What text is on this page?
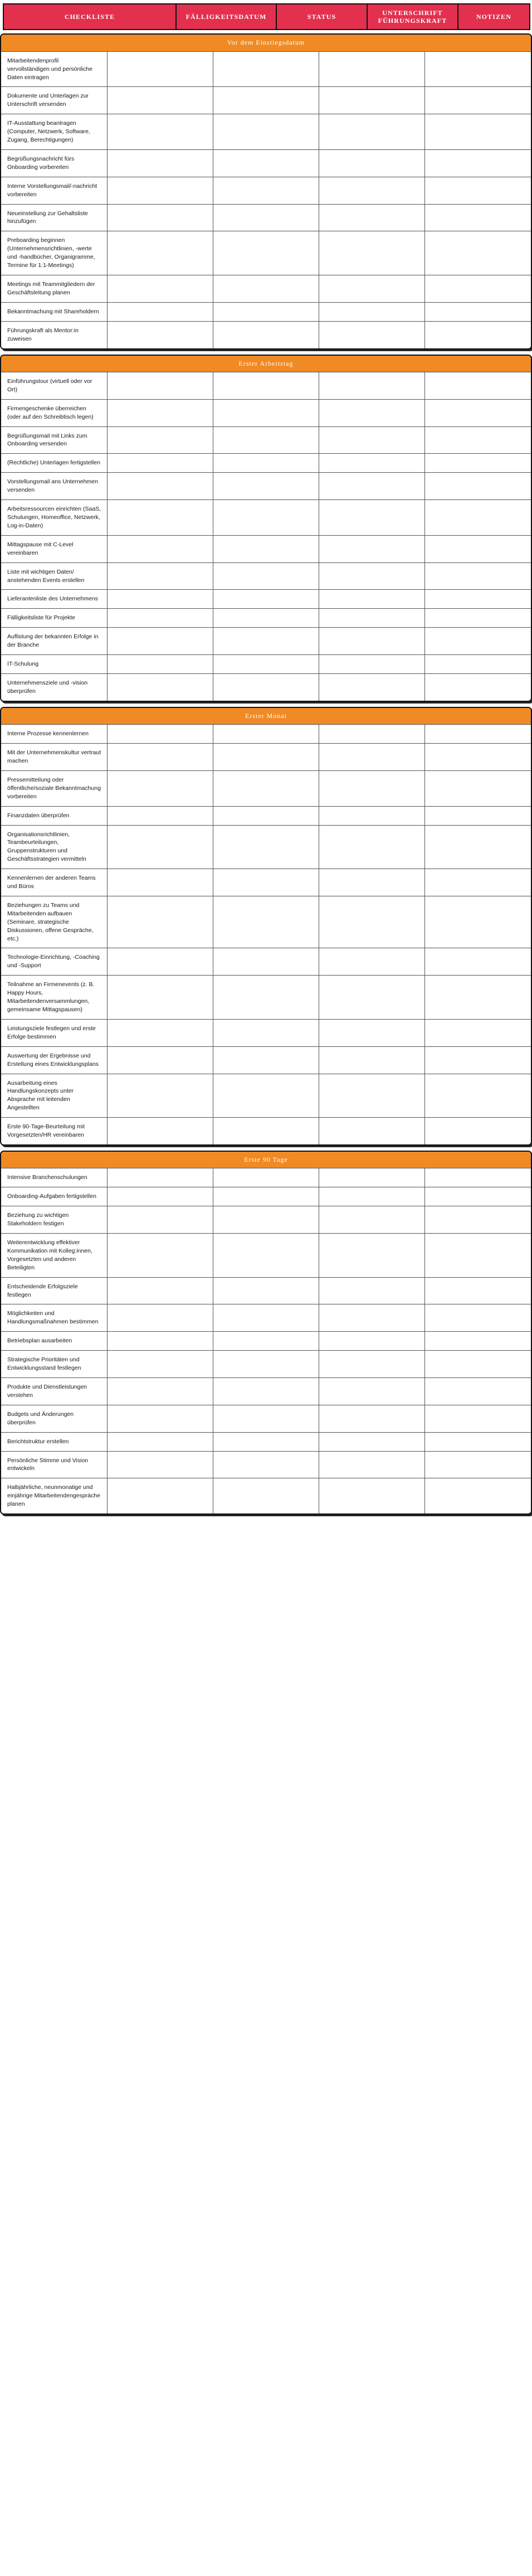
CHECKLISTE	FÄLLIGKEITSDATUM	STATUS	UNTERSCHRIFT FÜHRUNGSKRAFT	NOTIZEN
Vor dem Einstiegsdatum
Mitarbeitendenprofil vervollständigen und persönliche Daten eintragen				
Dokumente und Unterlagen zur Unterschrift versenden				
IT-Ausstattung beantragen (Computer, Netzwerk, Software, Zugang, Berechtigungen)				
Begrüßungsnachricht fürs Onboarding vorbereiten				
Interne Vorstellungsmail/-nachricht vorbereiten				
Neueinstellung zur Gehaltsliste hinzufügen				
Preboarding beginnen (Unternehmensrichtlinien, -werte und -handbücher, Organigramme, Termine für 1:1-Meetings)				
Meetings mit Teammitgliedern der Geschäftsleitung planen				
Bekanntmachung mit Shareholdern				
Führungskraft als Mentor:in zuweisen				
Erster Arbeitstag
Einführungstour (virtuell oder vor Ort)				
Firmengeschenke überreichen (oder auf den Schreibtisch legen)				
Begrüßungsmail mit Links zum Onboarding versenden				
(Rechtliche) Unterlagen fertigstellen				
Vorstellungsmail ans Unternehmen versenden				
Arbeitsressourcen einrichten (SaaS, Schulungen, Homeoffice, Netzwerk, Log-in-Daten)				
Mittagspause mit C-Level vereinbaren				
Liste mit wichtigen Daten/ anstehenden Events erstellen				
Lieferantenliste des Unternehmens				
Fälligkeitsliste für Projekte				
Auflistung der bekannten Erfolge in der Branche				
IT-Schulung				
Unternehmensziele und -vision überprüfen				
Erster Monat
Interne Prozesse kennenlernen				
Mit der Unternehmenskultur vertraut machen				
Pressemitteilung oder öffentliche/soziale Bekanntmachung vorbereiten				
Finanzdaten überprüfen				
Organisationsrichtlinien, Teambeurteilungen, Gruppenstrukturen und Geschäftsstrategien vermitteln				
Kennenlernen der anderen Teams und Büros				
Beziehungen zu Teams und Mitarbeitenden aufbauen (Seminare, strategische Diskussionen, offene Gespräche, etc.)				
Technologie-Einrichtung, -Coaching und -Support				
Teilnahme an Firmenevents (z. B. Happy Hours, Mitarbeitendenversammlungen, gemeinsame Mittagspausen)				
Leistungsziele festlegen und erste Erfolge bestimmen				
Auswertung der Ergebnisse und Erstellung eines Entwicklungsplans				
Ausarbeitung eines Handlungskonzepts unter Absprache mit leitenden Angestellten				
Erste 90-Tage-Beurteilung mit Vorgesetzten/HR vereinbaren				
Erste 90 Tage
Intensive Branchenschulungen				
Onboarding-Aufgaben fertigstellen				
Beziehung zu wichtigen Stakeholdern festigen				
Weiterentwicklung effektiver Kommunikation mit Kolleg:innen, Vorgesetzten und anderen Beteiligten				
Entscheidende Erfolgsziele festlegen				
Möglichkeiten und Handlungsmaßnahmen bestimmen				
Betriebsplan ausarbeiten				
Strategische Prioritäten und Entwicklungsstand festlegen				
Produkte und Dienstleistungen verstehen				
Budgets und Änderungen überprüfen				
Berichtstruktur erstellen				
Persönliche Stimme und Vision entwickeln				
Halbjährliche, neunmonatige und einjährige Mitarbeitendengespräche planen				
